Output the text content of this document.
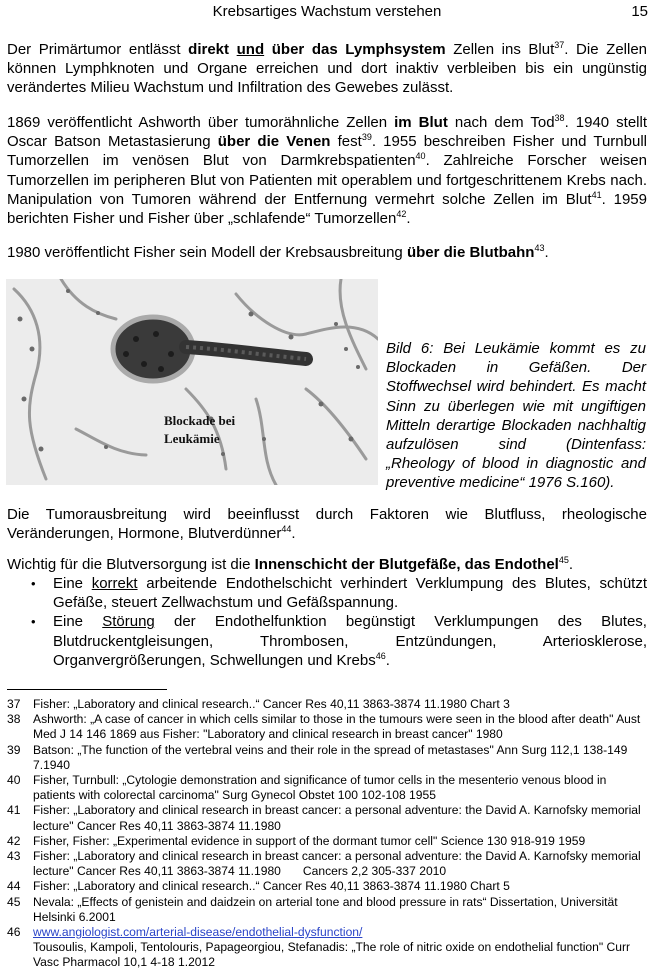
Krebsartiges Wachstum verstehen	15

Der Primärtumor entlässt direkt und über das Lymphsystem Zellen ins Blut$^{37}$. Die Zellen können Lymphknoten und Organe erreichen und dort inaktiv verbleiben bis ein ungünstig verändertes Milieu Wachstum und Infiltration des Gewebes zulässt.

1869 veröffentlicht Ashworth über tumorähnliche Zellen im Blut nach dem Tod$^{38}$. 1940 stellt Oscar Batson Metastasierung über die Venen fest$^{39}$. 1955 beschreiben Fisher und Turnbull Tumorzellen im venösen Blut von Darmkrebspatienten$^{40}$. Zahlreiche Forscher weisen Tumorzellen im peripheren Blut von Patienten mit operablem und fortgeschrittenem Krebs nach. Manipulation von Tumoren während der Entfernung vermehrt solche Zellen im Blut$^{41}$. 1959 berichten Fisher und Fisher über „schlafende“ Tumorzellen$^{42}$.

1980 veröffentlicht Fisher sein Modell der Krebsausbreitung über die Blutbahn$^{43}$.

Blockade bei
Leukämie

Bild 6: Bei Leukämie kommt es zu Blockaden in Gefäßen. Der Stoffwechsel wird behindert. Es macht Sinn zu überlegen wie mit ungiftigen Mitteln derartige Blockaden nachhaltig aufzulösen sind (Dintenfass: „Rheology of blood in diagnostic and preventive medicine“ 1976 S.160).

Die Tumorausbreitung wird beeinflusst durch Faktoren wie Blutfluss, rheologische Veränderungen, Hormone, Blutverdünner$^{44}$.

Wichtig für die Blutversorgung ist die Innenschicht der Blutgefäße, das Endothel$^{45}$.

• Eine korrekt arbeitende Endothelschicht verhindert Verklumpung des Blutes, schützt Gefäße, steuert Zellwachstum und Gefäßspannung.
• Eine Störung der Endothelfunktion begünstigt Verklumpungen des Blutes, Blutdruckentgleisungen, Thrombosen, Entzündungen, Arteriosklerose, Organvergrößerungen, Schwellungen und Krebs$^{46}$.

37 Fisher: „Laboratory and clinical research..“ Cancer Res 40,11 3863-3874 11.1980 Chart 3

38 Ashworth: „A case of cancer in which cells similar to those in the tumours were seen in the blood after death" Aust Med J 14 146 1869 aus Fisher: "Laboratory and clinical research in breast cancer" 1980

39 Batson: „The function of the vertebral veins and their role in the spread of metastases" Ann Surg 112,1 138-149 7.1940

40 Fisher, Turnbull: „Cytologie demonstration and significance of tumor cells in the mesenterio venous blood in patients with colorectal carcinoma" Surg Gynecol Obstet 100 102-108 1955

41 Fisher: „Laboratory and clinical research in breast cancer: a personal adventure: the David A. Karnofsky memorial lecture" Cancer Res 40,11 3863-3874 11.1980

42 Fisher, Fisher: „Experimental evidence in support of the dormant tumor cell" Science 130 918-919 1959

43 Fisher: „Laboratory and clinical research in breast cancer: a personal adventure: the David A. Karnofsky memorial lecture" Cancer Res 40,11 3863-3874 11.1980 Cancers 2,2 305-337 2010

44 Fisher: „Laboratory and clinical research..“ Cancer Res 40,11 3863-3874 11.1980 Chart 5

45 Nevala: „Effects of genistein and daidzein on arterial tone and blood pressure in rats“ Dissertation, Universität Helsinki 6.2001

46 www.angiologist.com/arterial-disease/endothelial-dysfunction/
Tousoulis, Kampoli, Tentolouris, Papageorgiou, Stefanadis: „The role of nitric oxide on endothelial function" Curr Vasc Pharmacol 10,1 4-18 1.2012
